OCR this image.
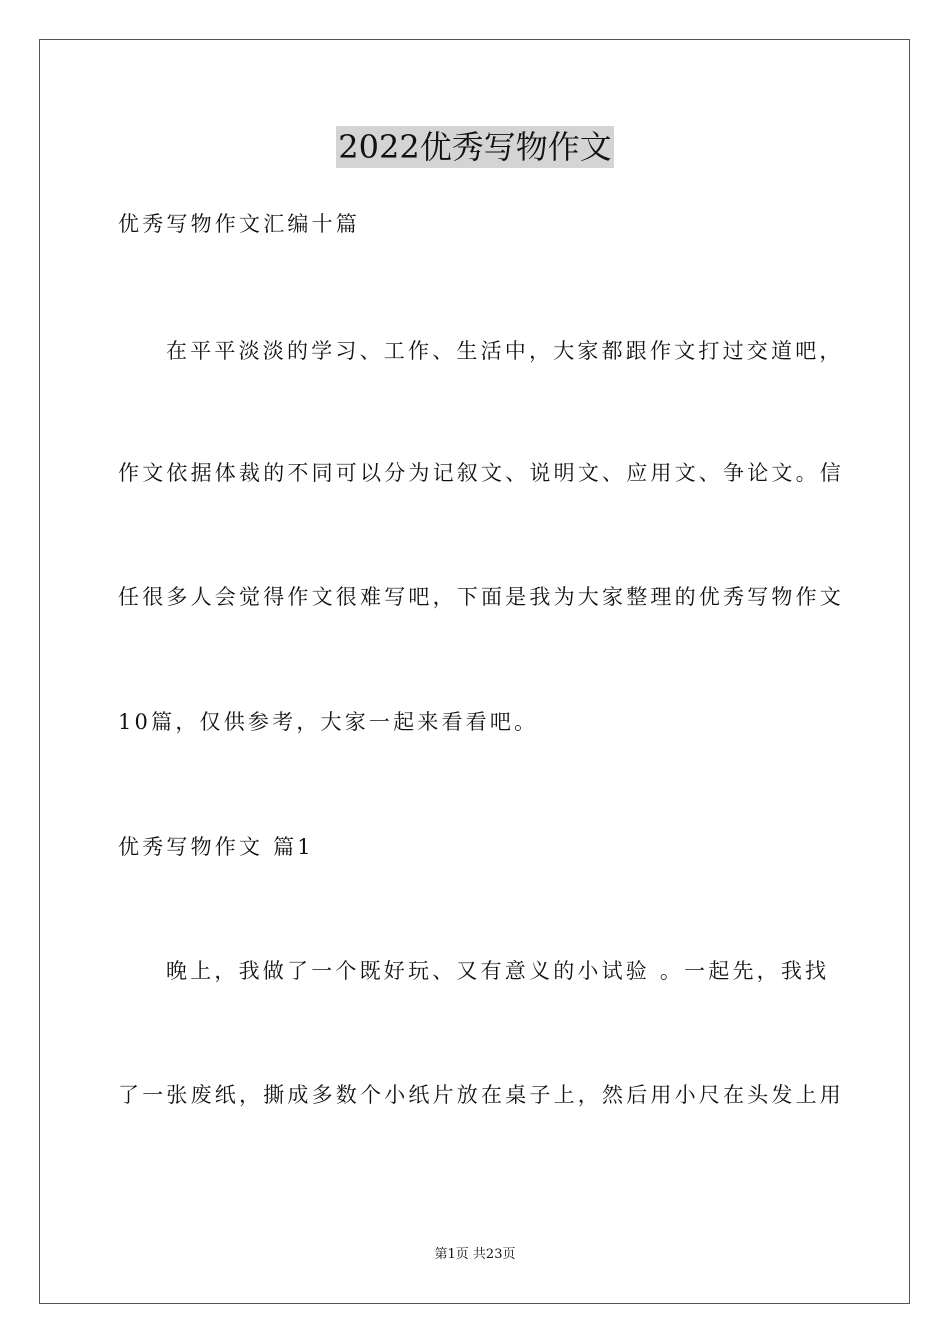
2022优秀写物作文
优秀写物作文汇编十篇
在平平淡淡的学习、工作、生活中，大家都跟作文打过交道吧，
作文依据体裁的不同可以分为记叙文、说明文、应用文、争论文。信
任很多人会觉得作文很难写吧，下面是我为大家整理的优秀写物作文
10篇，仅供参考，大家一起来看看吧。
优秀写物作文 篇1
晚上，我做了一个既好玩、又有意义的小试验 。一起先，我找
了一张废纸，撕成多数个小纸片放在桌子上，然后用小尺在头发上用
第1页 共23页
